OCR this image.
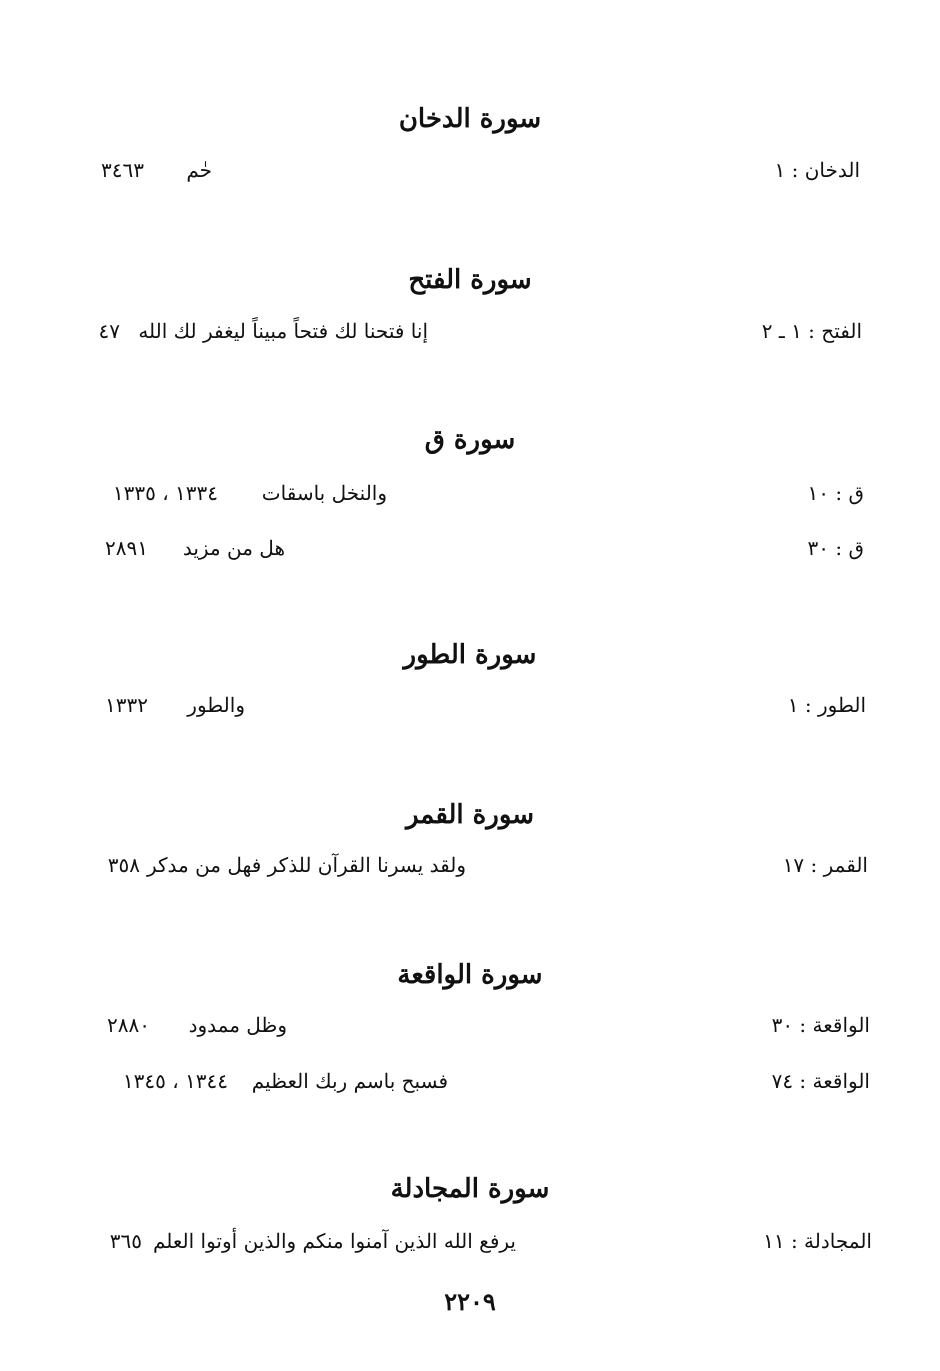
سورة الدخان
الدخان : ١
حٰم
٣٤٦٣
سورة الفتح
الفتح : ١ ـ ٢
إنا فتحنا لك فتحاً مبيناً ليغفر لك الله
٤٧
سورة ق
ق : ١٠
والنخل باسقات
١٣٣٤ ، ١٣٣٥
ق : ٣٠
هل من مزيد
٢٨٩١
سورة الطور
الطور : ١
والطور
١٣٣٢
سورة القمر
القمر : ١٧
ولقد يسرنا القرآن للذكر فهل من مدكر
٣٥٨
سورة الواقعة
الواقعة : ٣٠
وظل ممدود
٢٨٨٠
الواقعة : ٧٤
فسبح باسم ربك العظيم
١٣٤٤ ، ١٣٤٥
سورة المجادلة
المجادلة : ١١
يرفع الله الذين آمنوا منكم والذين أوتوا العلم
٣٦٥
٢٢٠٩
